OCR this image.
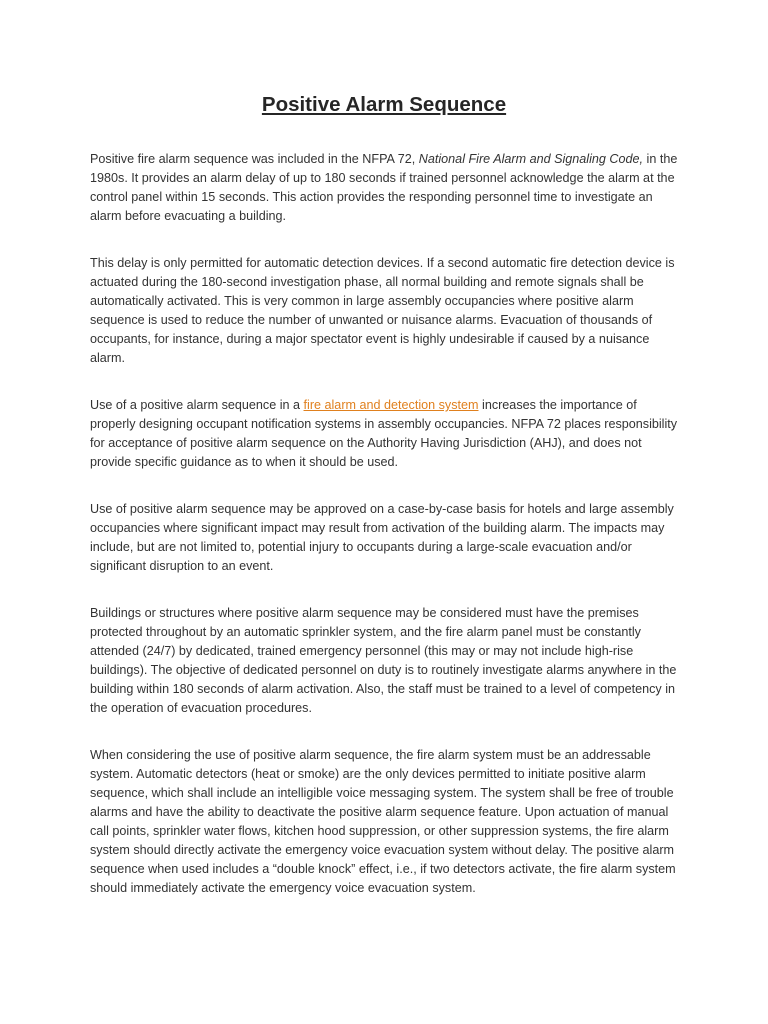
Positive Alarm Sequence

Positive fire alarm sequence was included in the NFPA 72, National Fire Alarm and Signaling Code, in the 1980s. It provides an alarm delay of up to 180 seconds if trained personnel acknowledge the alarm at the control panel within 15 seconds. This action provides the responding personnel time to investigate an alarm before evacuating a building.

This delay is only permitted for automatic detection devices. If a second automatic fire detection device is actuated during the 180-second investigation phase, all normal building and remote signals shall be automatically activated. This is very common in large assembly occupancies where positive alarm sequence is used to reduce the number of unwanted or nuisance alarms. Evacuation of thousands of occupants, for instance, during a major spectator event is highly undesirable if caused by a nuisance alarm.

Use of a positive alarm sequence in a fire alarm and detection system increases the importance of properly designing occupant notification systems in assembly occupancies. NFPA 72 places responsibility for acceptance of positive alarm sequence on the Authority Having Jurisdiction (AHJ), and does not provide specific guidance as to when it should be used.

Use of positive alarm sequence may be approved on a case-by-case basis for hotels and large assembly occupancies where significant impact may result from activation of the building alarm. The impacts may include, but are not limited to, potential injury to occupants during a large-scale evacuation and/or significant disruption to an event.

Buildings or structures where positive alarm sequence may be considered must have the premises protected throughout by an automatic sprinkler system, and the fire alarm panel must be constantly attended (24/7) by dedicated, trained emergency personnel (this may or may not include high-rise buildings). The objective of dedicated personnel on duty is to routinely investigate alarms anywhere in the building within 180 seconds of alarm activation. Also, the staff must be trained to a level of competency in the operation of evacuation procedures.

When considering the use of positive alarm sequence, the fire alarm system must be an addressable system. Automatic detectors (heat or smoke) are the only devices permitted to initiate positive alarm sequence, which shall include an intelligible voice messaging system. The system shall be free of trouble alarms and have the ability to deactivate the positive alarm sequence feature. Upon actuation of manual call points, sprinkler water flows, kitchen hood suppression, or other suppression systems, the fire alarm system should directly activate the emergency voice evacuation system without delay. The positive alarm sequence when used includes a “double knock” effect, i.e., if two detectors activate, the fire alarm system should immediately activate the emergency voice evacuation system.
